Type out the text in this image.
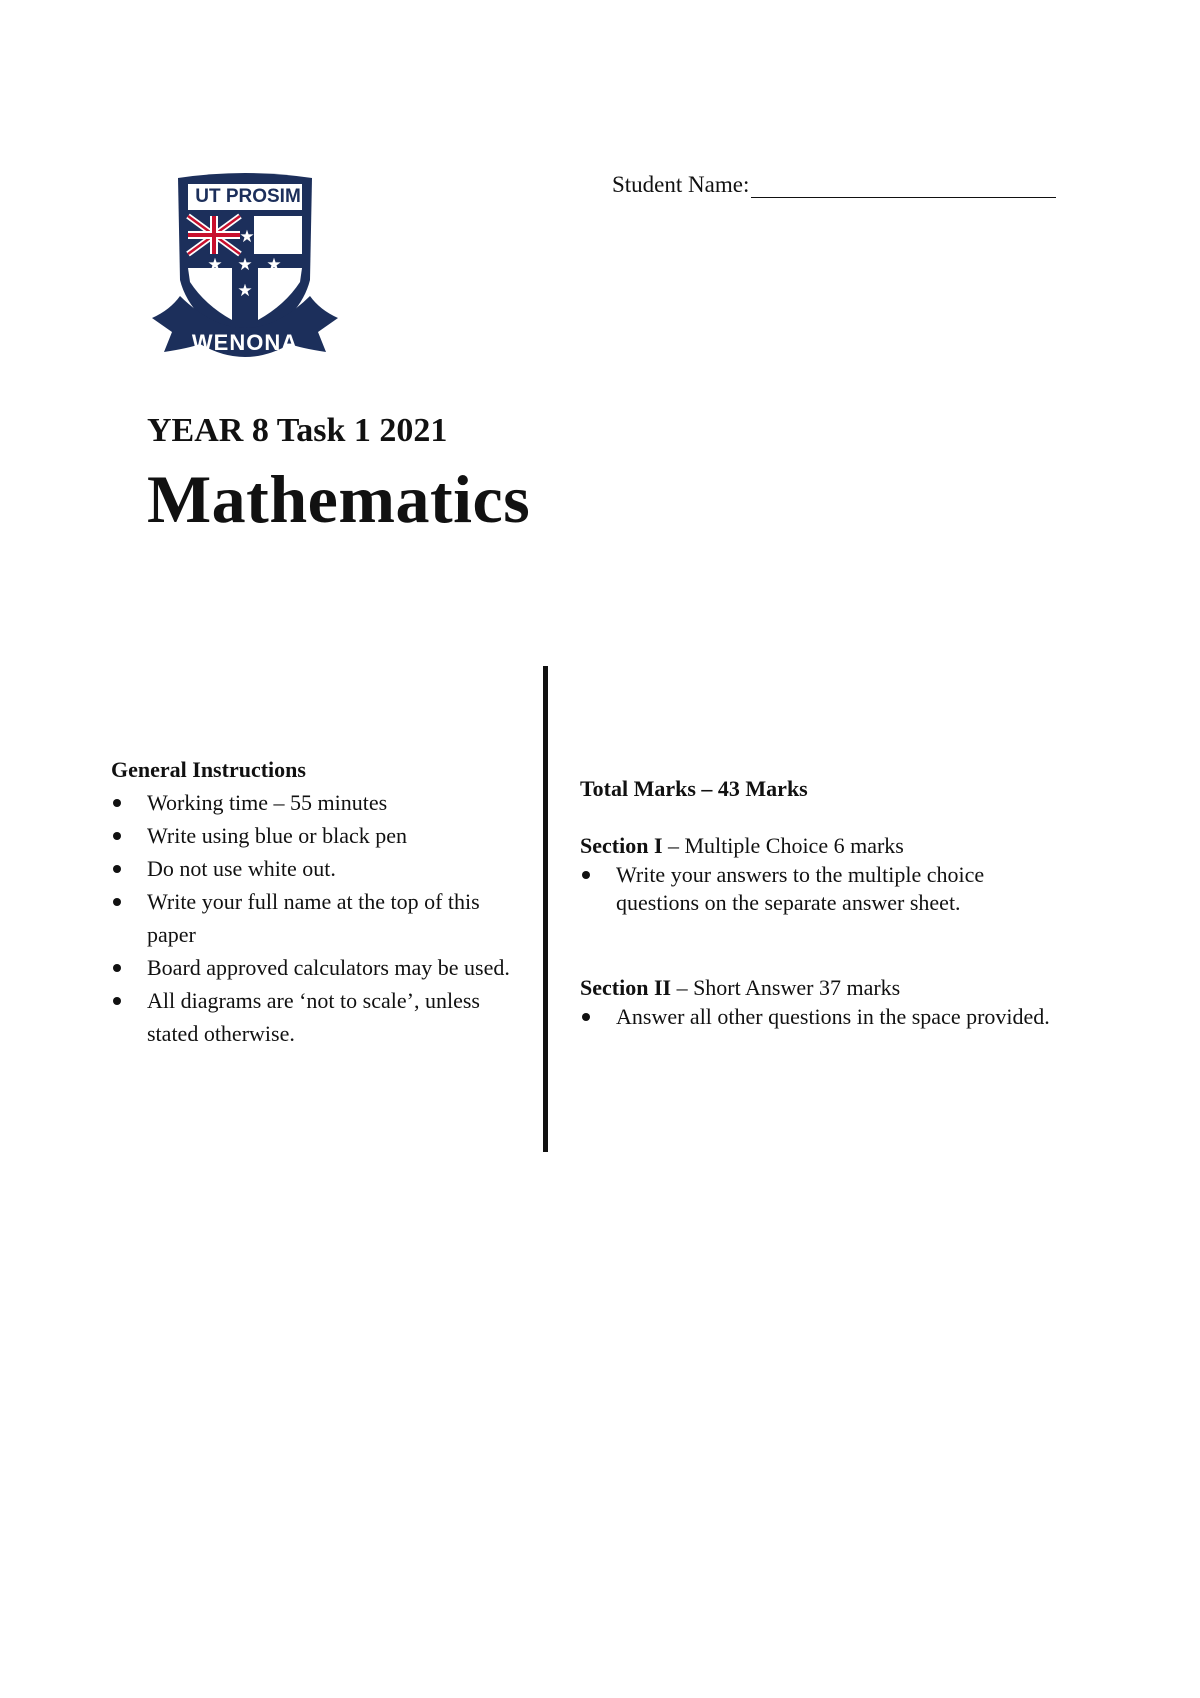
★
★ ★ ★
★
UT PROSIM
WENONA
Student Name:
YEAR 8 Task 1 2021
Mathematics

General Instructions

Working time – 55 minutes
Write using blue or black pen
Do not use white out.
Write your full name at the top of this paper
Board approved calculators may be used.
All diagrams are ‘not to scale’, unless stated otherwise.

Total Marks – 43 Marks

Section I – Multiple Choice 6 marks

Write your answers to the multiple choice questions on the separate answer sheet.

Section II – Short Answer 37 marks

Answer all other questions in the space provided.
